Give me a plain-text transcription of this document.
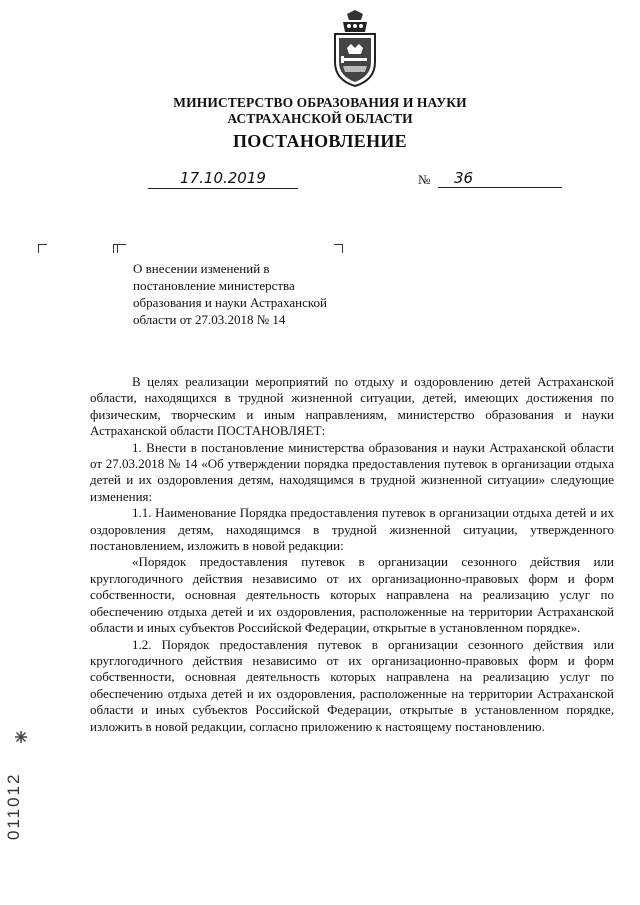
МИНИСТЕРСТВО ОБРАЗОВАНИЯ И НАУКИ
АСТРАХАНСКОЙ ОБЛАСТИ
ПОСТАНОВЛЕНИЕ
17.10.2019	№	36
О внесении изменений в
постановление министерства
образования и науки Астраханской
области от 27.03.2018 № 14

В целях реализации мероприятий по отдыху и оздоровлению детей Астраханской области, находящихся в трудной жизненной ситуации, детей, имеющих достижения по физическим, творческим и иным направлениям, министерство образования и науки Астраханской области ПОСТАНОВЛЯЕТ:

1. Внести в постановление министерства образования и науки Астраханской области от 27.03.2018 № 14 «Об утверждении порядка предоставления путевок в организации отдыха детей и их оздоровления детям, находящимся в трудной жизненной ситуации» следующие изменения:

1.1. Наименование Порядка предоставления путевок в организации отдыха детей и их оздоровления детям, находящимся в трудной жизненной ситуации, утвержденного постановлением, изложить в новой редакции:

«Порядок предоставления путевок в организации сезонного действия или круглогодичного действия независимо от их организационно-правовых форм и форм собственности, основная деятельность которых направлена на реализацию услуг по обеспечению отдыха детей и их оздоровления, расположенные на территории Астраханской области и иных субъектов Российской Федерации, открытые в установленном порядке».

1.2. Порядок предоставления путевок в организации сезонного действия или круглогодичного действия независимо от их организационно-правовых форм и форм собственности, основная деятельность которых направлена на реализацию услуг по обеспечению отдыха детей и их оздоровления, расположенные на территории Астраханской области и иных субъектов Российской Федерации, открытые в установленном порядке, изложить в новой редакции, согласно приложению к настоящему постановлению.

011012
